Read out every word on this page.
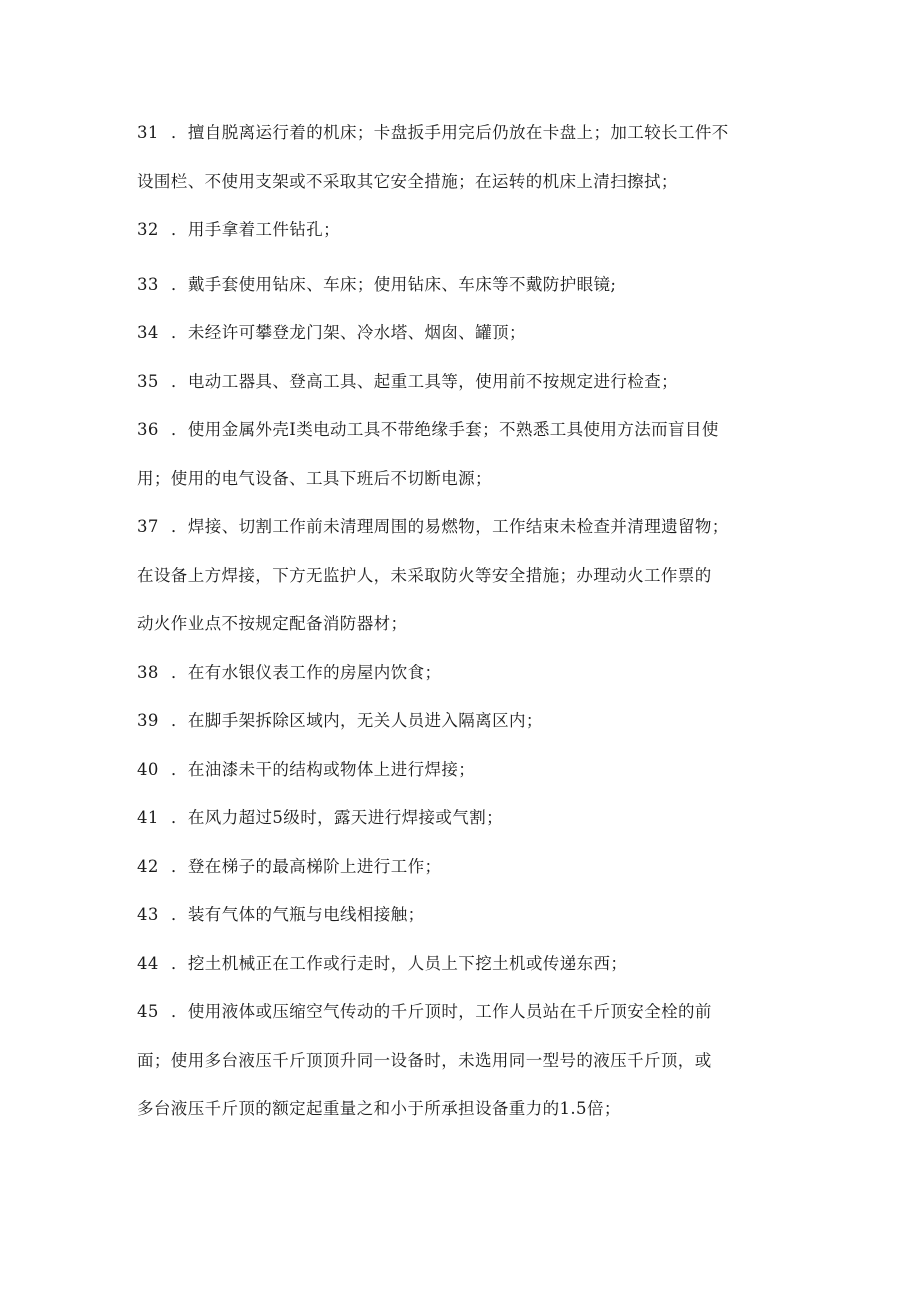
31 ．擅自脱离运行着的机床；卡盘扳手用完后仍放在卡盘上；加工较长工件不
设围栏、不使用支架或不采取其它安全措施；在运转的机床上清扫擦拭；
32 ．用手拿着工件钻孔；
33 ．戴手套使用钻床、车床；使用钻床、车床等不戴防护眼镜;
34 ．未经许可攀登龙门架、冷水塔、烟囱、罐顶；
35 ．电动工器具、登高工具、起重工具等，使用前不按规定进行检查；
36 ．使用金属外壳Ⅰ类电动工具不带绝缘手套；不熟悉工具使用方法而盲目使
用；使用的电气设备、工具下班后不切断电源；
37 ．焊接、切割工作前未清理周围的易燃物，工作结束未检查并清理遗留物；
在设备上方焊接，下方无监护人，未采取防火等安全措施；办理动火工作票的
动火作业点不按规定配备消防器材；
38 ．在有水银仪表工作的房屋内饮食；
39 ．在脚手架拆除区域内，无关人员进入隔离区内；
40 ．在油漆未干的结构或物体上进行焊接；
41 ．在风力超过5级时，露天进行焊接或气割；
42 ．登在梯子的最高梯阶上进行工作；
43 ．装有气体的气瓶与电线相接触；
44 ．挖土机械正在工作或行走时，人员上下挖土机或传递东西；
45 ．使用液体或压缩空气传动的千斤顶时，工作人员站在千斤顶安全栓的前
面；使用多台液压千斤顶顶升同一设备时，未选用同一型号的液压千斤顶，或
多台液压千斤顶的额定起重量之和小于所承担设备重力的1.5倍；
